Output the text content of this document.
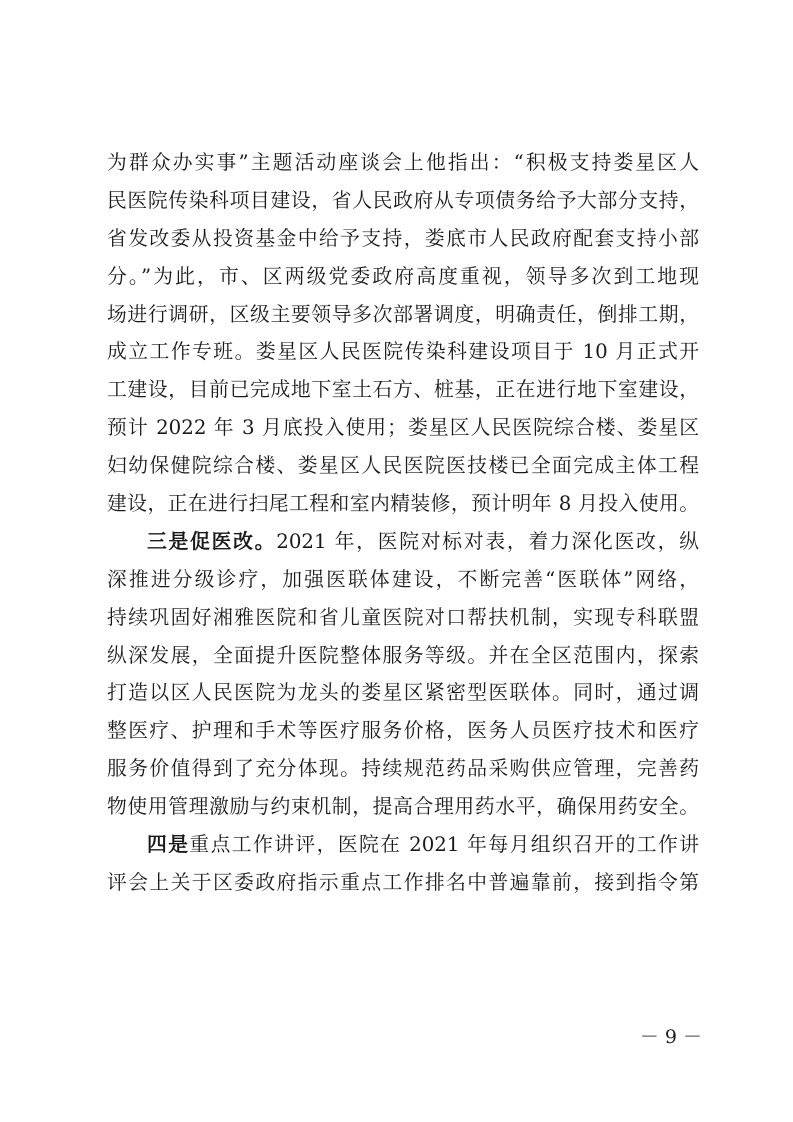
为群众办实事”主题活动座谈会上他指出：“积极支持娄星区人
民医院传染科项目建设，省人民政府从专项债务给予大部分支持，
省发改委从投资基金中给予支持，娄底市人民政府配套支持小部
分。”为此，市、区两级党委政府高度重视，领导多次到工地现
场进行调研，区级主要领导多次部署调度，明确责任，倒排工期，
成立工作专班。娄星区人民医院传染科建设项目于 10 月正式开
工建设，目前已完成地下室土石方、桩基，正在进行地下室建设，
预计 2022 年 3 月底投入使用；娄星区人民医院综合楼、娄星区
妇幼保健院综合楼、娄星区人民医院医技楼已全面完成主体工程
建设，正在进行扫尾工程和室内精装修，预计明年 8 月投入使用。
三是促医改。2021 年，医院对标对表，着力深化医改，纵
深推进分级诊疗，加强医联体建设，不断完善“医联体”网络，
持续巩固好湘雅医院和省儿童医院对口帮扶机制，实现专科联盟
纵深发展，全面提升医院整体服务等级。并在全区范围内，探索
打造以区人民医院为龙头的娄星区紧密型医联体。同时，通过调
整医疗、护理和手术等医疗服务价格，医务人员医疗技术和医疗
服务价值得到了充分体现。持续规范药品采购供应管理，完善药
物使用管理激励与约束机制，提高合理用药水平，确保用药安全。
四是重点工作讲评，医院在 2021 年每月组织召开的工作讲
评会上关于区委政府指示重点工作排名中普遍靠前，接到指令第
－ 9 －
